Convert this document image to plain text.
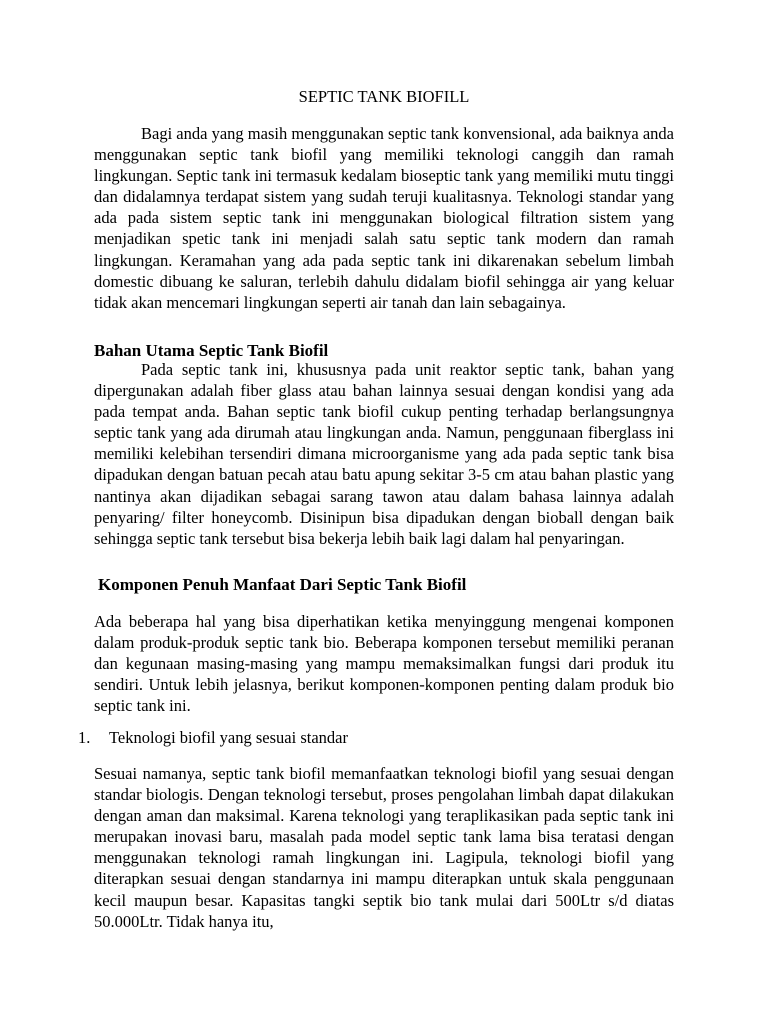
SEPTIC TANK BIOFILL
Bagi anda yang masih menggunakan septic tank konvensional, ada baiknya anda menggunakan septic tank biofil yang memiliki teknologi canggih dan ramah lingkungan. Septic tank ini termasuk kedalam bioseptic tank yang memiliki mutu tinggi dan didalamnya terdapat sistem yang sudah teruji kualitasnya. Teknologi standar yang ada pada sistem septic tank ini menggunakan biological filtration sistem yang menjadikan spetic tank ini menjadi salah satu septic tank modern dan ramah lingkungan. Keramahan yang ada pada septic tank ini dikarenakan sebelum limbah domestic dibuang ke saluran, terlebih dahulu didalam biofil sehingga air yang keluar tidak akan mencemari lingkungan seperti air tanah dan lain sebagainya.
Bahan Utama Septic Tank Biofil
Pada septic tank ini, khususnya pada unit reaktor septic tank, bahan yang dipergunakan adalah fiber glass atau bahan lainnya sesuai dengan kondisi yang ada pada tempat anda. Bahan septic tank biofil cukup penting terhadap berlangsungnya septic tank yang ada dirumah atau lingkungan anda. Namun, penggunaan fiberglass ini memiliki kelebihan tersendiri dimana microorganisme yang ada pada septic tank bisa dipadukan dengan batuan pecah atau batu apung sekitar 3-5 cm atau bahan plastic yang nantinya akan dijadikan sebagai sarang tawon atau dalam bahasa lainnya adalah penyaring/ filter honeycomb. Disinipun bisa dipadukan dengan bioball dengan baik sehingga septic tank tersebut bisa bekerja lebih baik lagi dalam hal penyaringan.
Komponen Penuh Manfaat Dari Septic Tank Biofil
Ada beberapa hal yang bisa diperhatikan ketika menyinggung mengenai komponen dalam produk-produk septic tank bio. Beberapa komponen tersebut memiliki peranan dan kegunaan masing-masing yang mampu memaksimalkan fungsi dari produk itu sendiri. Untuk lebih jelasnya, berikut komponen-komponen penting dalam produk bio septic tank ini.
1. Teknologi biofil yang sesuai standar
Sesuai namanya, septic tank biofil memanfaatkan teknologi biofil yang sesuai dengan standar biologis. Dengan teknologi tersebut, proses pengolahan limbah dapat dilakukan dengan aman dan maksimal. Karena teknologi yang teraplikasikan pada septic tank ini merupakan inovasi baru, masalah pada model septic tank lama bisa teratasi dengan menggunakan teknologi ramah lingkungan ini. Lagipula, teknologi biofil yang diterapkan sesuai dengan standarnya ini mampu diterapkan untuk skala penggunaan kecil maupun besar. Kapasitas tangki septik bio tank mulai dari 500Ltr s/d diatas 50.000Ltr. Tidak hanya itu,
